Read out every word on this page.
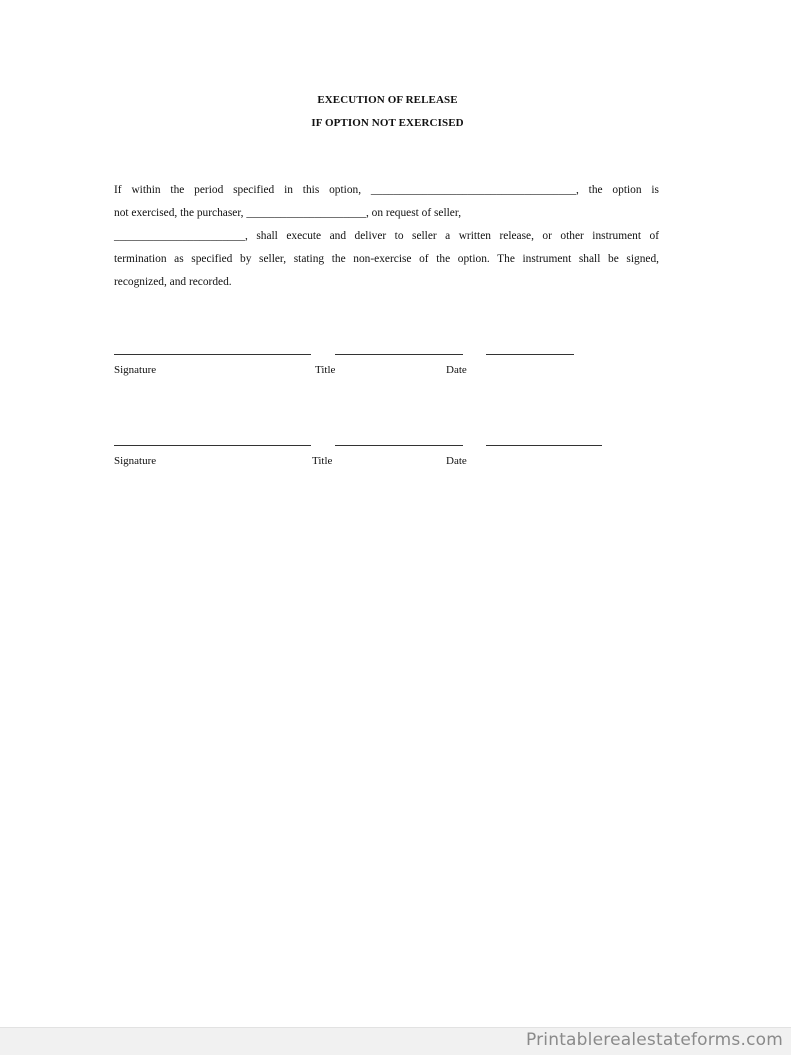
EXECUTION OF RELEASE
IF OPTION NOT EXERCISED
If within the period specified in this option, ____________________________________, the option is
not exercised, the purchaser, _____________________, on request of seller,
_______________________, shall execute and deliver to seller a written release, or other instrument of
termination as specified by seller, stating the non-exercise of the option. The instrument shall be signed,
recognized, and recorded.
Signature	Title	Date
Signature	Title	Date
Printablerealestateforms.com
